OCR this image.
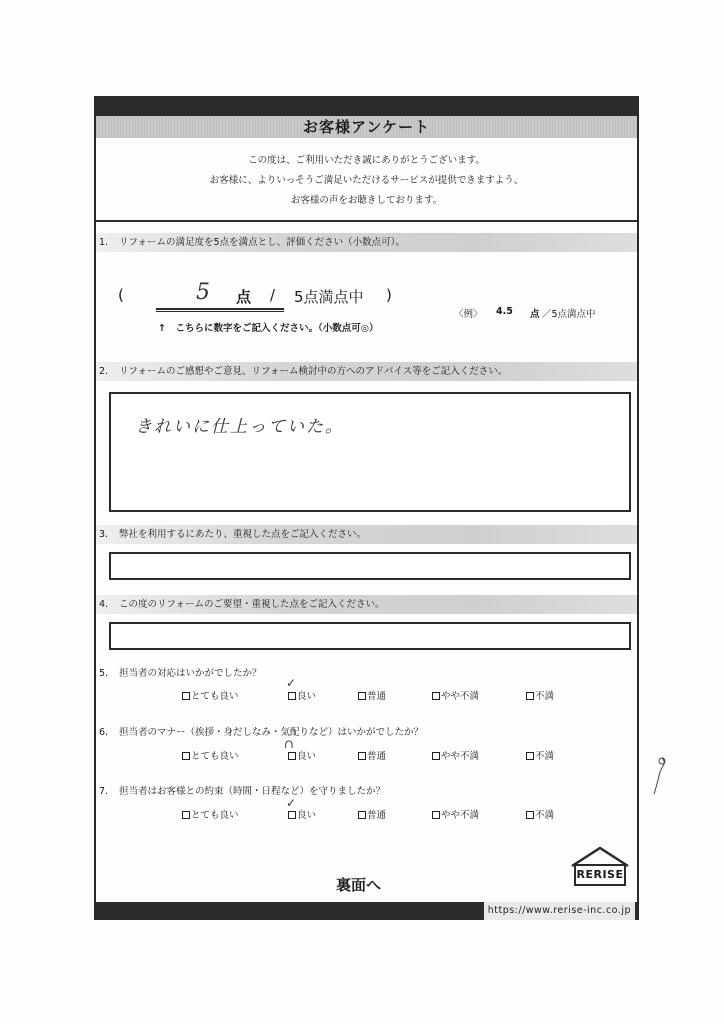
お客様アンケート
この度は、ご利用いただき誠にありがとうございます。
お客様に、よりいっそうご満足いただけるサービスが提供できますよう、
お客様の声をお聴きしております。
1. リフォームの満足度を5点を満点とし、評価ください（小数点可）。
(	5 点 / 5点満点中 )
↑　こちらに数字をご記入ください。（小数点可◎）
〈例〉 4.5 点 ／5点満点中
2. リフォームのご感想やご意見、リフォーム検討中の方へのアドバイス等をご記入ください。
きれいに仕上っていた。
3. 弊社を利用するにあたり、重視した点をご記入ください。
4. この度のリフォームのご要望・重視した点をご記入ください。
5. 担当者の対応はいかがでしたか？
とても良い	良い	普通	やや不満	不満
✓
6. 担当者のマナー（挨拶・身だしなみ・気配りなど）はいかがでしたか？
とても良い	良い	普通	やや不満	不満
∩
7. 担当者はお客様との約束（時間・日程など）を守りましたか？
とても良い	良い	普通	やや不満	不満
✓
裏面へ
RERISE
https://www.rerise-inc.co.jp
